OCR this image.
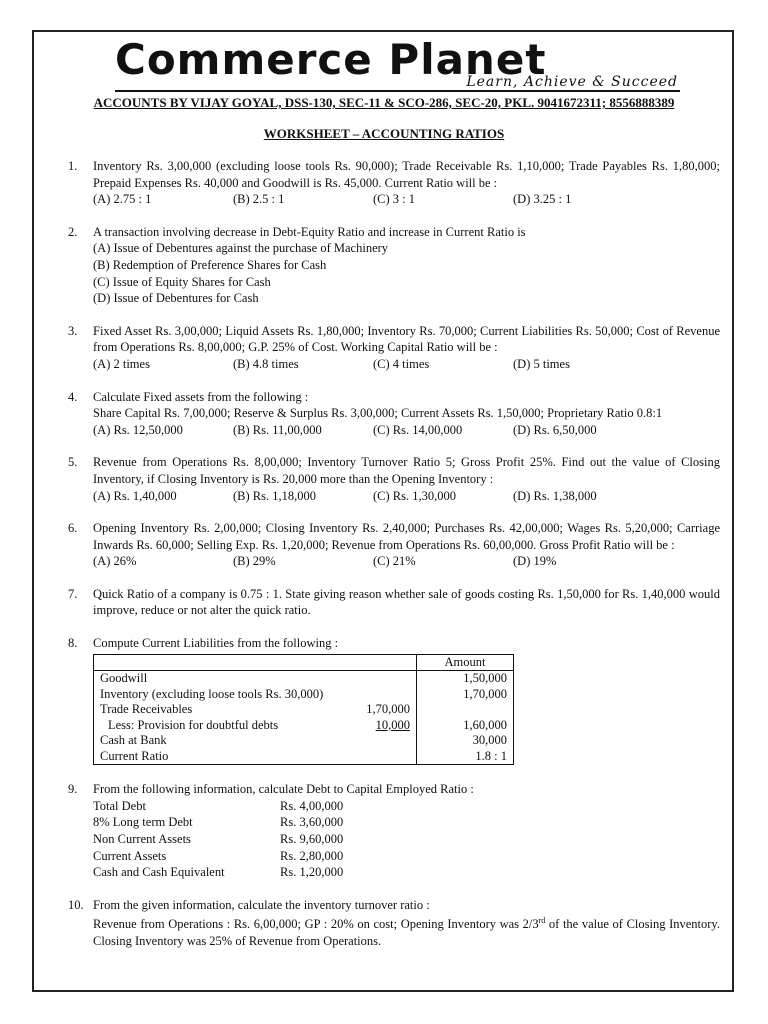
Commerce Planet
Learn, Achieve & Succeed
ACCOUNTS BY VIJAY GOYAL, DSS-130, SEC-11 & SCO-286, SEC-20, PKL. 9041672311; 8556888389
WORKSHEET – ACCOUNTING RATIOS
1. Inventory Rs. 3,00,000 (excluding loose tools Rs. 90,000); Trade Receivable Rs. 1,10,000; Trade Payables Rs. 1,80,000; Prepaid Expenses Rs. 40,000 and Goodwill is Rs. 45,000. Current Ratio will be :
(A) 2.75 : 1	(B) 2.5 : 1	(C) 3 : 1	(D) 3.25 : 1
2. A transaction involving decrease in Debt-Equity Ratio and increase in Current Ratio is
(A) Issue of Debentures against the purchase of Machinery
(B) Redemption of Preference Shares for Cash
(C) Issue of Equity Shares for Cash
(D) Issue of Debentures for Cash
3. Fixed Asset Rs. 3,00,000; Liquid Assets Rs. 1,80,000; Inventory Rs. 70,000; Current Liabilities Rs. 50,000; Cost of Revenue from Operations Rs. 8,00,000; G.P. 25% of Cost. Working Capital Ratio will be :
(A) 2 times	(B) 4.8 times	(C) 4 times	(D) 5 times
4. Calculate Fixed assets from the following :
Share Capital Rs. 7,00,000; Reserve & Surplus Rs. 3,00,000; Current Assets Rs. 1,50,000; Proprietary Ratio 0.8:1
(A) Rs. 12,50,000	(B) Rs. 11,00,000	(C) Rs. 14,00,000	(D) Rs. 6,50,000
5. Revenue from Operations Rs. 8,00,000; Inventory Turnover Ratio 5; Gross Profit 25%. Find out the value of Closing Inventory, if Closing Inventory is Rs. 20,000 more than the Opening Inventory :
(A) Rs. 1,40,000	(B) Rs. 1,18,000	(C) Rs. 1,30,000	(D) Rs. 1,38,000
6. Opening Inventory Rs. 2,00,000; Closing Inventory Rs. 2,40,000; Purchases Rs. 42,00,000; Wages Rs. 5,20,000; Carriage Inwards Rs. 60,000; Selling Exp. Rs. 1,20,000; Revenue from Operations Rs. 60,00,000. Gross Profit Ratio will be :
(A) 26%	(B) 29%	(C) 21%	(D) 19%
7. Quick Ratio of a company is 0.75 : 1. State giving reason whether sale of goods costing Rs. 1,50,000 for Rs. 1,40,000 would improve, reduce or not alter the quick ratio.
8. Compute Current Liabilities from the following :
		Amount
Goodwill		1,50,000
Inventory (excluding loose tools Rs. 30,000)		1,70,000
Trade Receivables	1,70,000	
Less: Provision for doubtful debts	10,000	1,60,000
Cash at Bank		30,000
Current Ratio		1.8 : 1
9. From the following information, calculate Debt to Capital Employed Ratio :
Total Debt	Rs. 4,00,000
8% Long term Debt	Rs. 3,60,000
Non Current Assets	Rs. 9,60,000
Current Assets	Rs. 2,80,000
Cash and Cash Equivalent	Rs. 1,20,000
10. From the given information, calculate the inventory turnover ratio :
Revenue from Operations : Rs. 6,00,000; GP : 20% on cost; Opening Inventory was 2/3rd of the value of Closing Inventory. Closing Inventory was 25% of Revenue from Operations.
